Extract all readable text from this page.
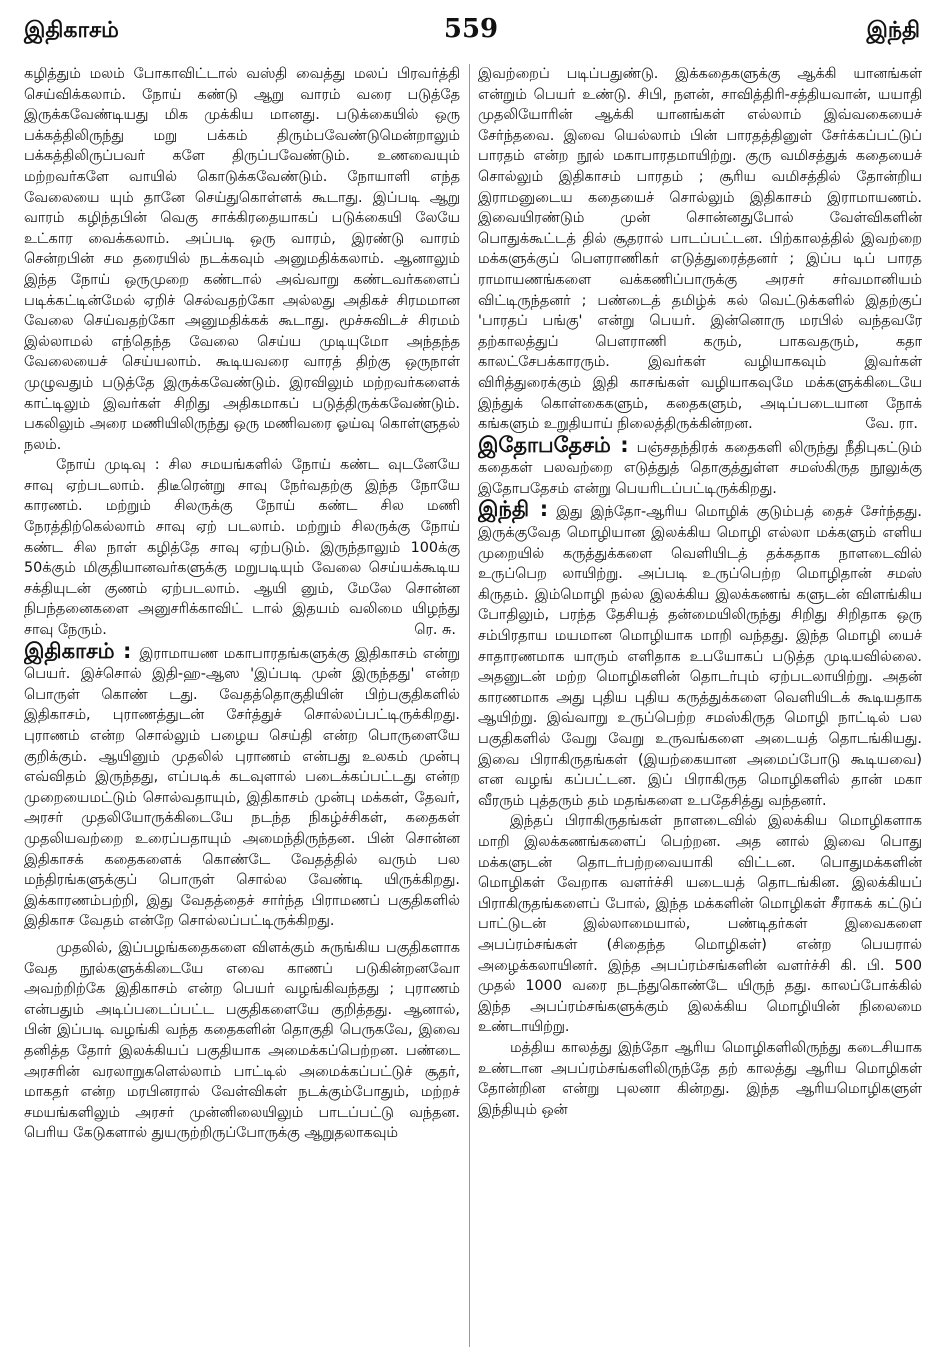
இதிகாசம்	559	இந்தி

கழித்தும் மலம் போகாவிட்டால் வஸ்தி வைத்து மலப் பிரவர்த்தி செய்விக்கலாம். நோய் கண்டு ஆறு வாரம் வரை படுத்தே இருக்கவேண்டியது மிக முக்கிய மானது. படுக்கையில் ஒரு பக்கத்திலிருந்து மறு பக்கம் திரும்பவேண்டுமென்றாலும் பக்கத்திலிருப்பவர் களே திருப்பவேண்டும். உணவையும் மற்றவர்களே வாயில் கொடுக்கவேண்டும். நோயாளி எந்த வேலையை யும் தானே செய்துகொள்ளக் கூடாது. இப்படி ஆறு வாரம் கழிந்தபின் வெகு சாக்கிரதையாகப் படுக்கையி லேயே உட்கார வைக்கலாம். அப்படி ஒரு வாரம், இரண்டு வாரம் சென்றபின் சம தரையில் நடக்கவும் அனுமதிக்கலாம். ஆனாலும் இந்த நோய் ஒருமுறை கண்டால் அவ்வாறு கண்டவர்களைப் படிக்கட்டின்மேல் ஏறிச் செல்வதற்கோ அல்லது அதிகச் சிரமமான வேலை செய்வதற்கோ அனுமதிக்கக் கூடாது. மூச்சுவிடச் சிரமம் இல்லாமல் எந்தெந்த வேலை செய்ய முடியுமோ அந்தந்த வேலையைச் செய்யலாம். கூடியவரை வாரத் திற்கு ஒருநாள் முழுவதும் படுத்தே இருக்கவேண்டும். இரவிலும் மற்றவர்களைக் காட்டிலும் இவர்கள் சிறிது அதிகமாகப் படுத்திருக்கவேண்டும். பகலிலும் அரை மணியிலிருந்து ஒரு மணிவரை ஓய்வு கொள்ளுதல் நலம்.

நோய் முடிவு : சில சமயங்களில் நோய் கண்ட வுடனேயே சாவு ஏற்படலாம். திடீரென்று சாவு நேர்வதற்கு இந்த நோயே காரணம். மற்றும் சிலருக்கு நோய் கண்ட சில மணி நேரத்திற்கெல்லாம் சாவு ஏற் படலாம். மற்றும் சிலருக்கு நோய் கண்ட சில நாள் கழித்தே சாவு ஏற்படும். இருந்தாலும் 100க்கு 50க்கும் மிகுதியானவர்களுக்கு மறுபடியும் வேலை செய்யக்கூடிய சக்தியுடன் குணம் ஏற்படலாம். ஆயி னும், மேலே சொன்ன நிபந்தனைகளை அனுசரிக்காவிட் டால் இதயம் வலிமை யிழந்து சாவு நேரும்.	ரெ. சு.

இதிகாசம் : இராமாயண மகாபாரதங்களுக்கு இதிகாசம் என்று பெயர். இச்சொல் இதி-ஹ-ஆஸ 'இப்படி முன் இருந்தது' என்ற பொருள் கொண் டது. வேதத்தொகுதியின் பிற்பகுதிகளில் இதிகாசம், புராணத்துடன் சேர்த்துச் சொல்லப்பட்டிருக்கிறது. புராணம் என்ற சொல்லும் பழைய செய்தி என்ற பொருளையே குறிக்கும். ஆயினும் முதலில் புராணம் என்பது உலகம் முன்பு எவ்விதம் இருந்தது, எப்படிக் கடவுளால் படைக்கப்பட்டது என்ற முறையைமட்டும் சொல்வதாயும், இதிகாசம் முன்பு மக்கள், தேவர், அரசர் முதலியோருக்கிடையே நடந்த நிகழ்ச்சிகள், கதைகள் முதலியவற்றை உரைப்பதாயும் அமைந்திருந்தன. பின் சொன்ன இதிகாசக் கதைகளைக் கொண்டே வேதத்தில் வரும் பல மந்திரங்களுக்குப் பொருள் சொல்ல வேண்டி யிருக்கிறது. இக்காரணம்பற்றி, இது வேதத்தைச் சார்ந்த பிராமணப் பகுதிகளில் இதிகாச வேதம் என்றே சொல்லப்பட்டிருக்கிறது.

முதலில், இப்பழங்கதைகளை விளக்கும் சுருங்கிய பகுதிகளாக வேத நூல்களுக்கிடையே எவை காணப் படுகின்றனவோ அவற்றிற்கே இதிகாசம் என்ற பெயர் வழங்கிவந்தது ; புராணம் என்பதும் அடிப்படைப்பட்ட பகுதிகளையே குறித்தது. ஆனால், பின் இப்படி வழங்கி வந்த கதைகளின் தொகுதி பெருகவே, இவை தனித்த தோர் இலக்கியப் பகுதியாக அமைக்கப்பெற்றன. பண்டை அரசரின் வரலாறுகளெல்லாம் பாட்டில் அமைக்கப்பட்டுச் சூதர், மாகதர் என்ற மரபினரால் வேள்விகள் நடக்கும்போதும், மற்றச் சமயங்களிலும் அரசர் முன்னிலையிலும் பாடப்பட்டு வந்தன. பெரிய கேடுகளால் துயருற்றிருப்போருக்கு ஆறுதலாகவும்

இவற்றைப் படிப்பதுண்டு. இக்கதைகளுக்கு ஆக்கி யானங்கள் என்றும் பெயர் உண்டு. சிபி, நளன், சாவித்திரி-சத்தியவான், யயாதி முதலியோரின் ஆக்கி யானங்கள் எல்லாம் இவ்வகையைச் சேர்ந்தவை. இவை யெல்லாம் பின் பாரதத்தினுள் சேர்க்கப்பட்டுப் பாரதம் என்ற நூல் மகாபாரதமாயிற்று. குரு வமிசத்துக் கதையைச் சொல்லும் இதிகாசம் பாரதம் ; சூரிய வமிசத்தில் தோன்றிய இராமனுடைய கதையைச் சொல்லும் இதிகாசம் இராமாயணம். இவையிரண்டும் முன் சொன்னதுபோல் வேள்விகளின் பொதுக்கூட்டத் தில் சூதரால் பாடப்பட்டன. பிற்காலத்தில் இவற்றை மக்களுக்குப் பௌராணிகர் எடுத்துரைத்தனர் ; இப்ப டிப் பாரத ராமாயணங்களை வக்கணிப்பாருக்கு அரசர் சர்வமானியம் விட்டிருந்தனர் ; பண்டைத் தமிழ்க் கல் வெட்டுக்களில் இதற்குப் 'பாரதப் பங்கு' என்று பெயர். இன்னொரு மரபில் வந்தவரே தற்காலத்துப் பௌராணி கரும், பாகவதரும், கதா காலட்சேபக்காரரும். இவர்கள் வழியாகவும் இவர்கள் விரித்துரைக்கும் இதி காசங்கள் வழியாகவுமே மக்களுக்கிடையே இந்துக் கொள்கைகளும், கதைகளும், அடிப்படையான நோக் கங்களும் உறுதியாய் நிலைத்திருக்கின்றன.	வே. ரா.

இதோபதேசம் : பஞ்சதந்திரக் கதைகளி லிருந்து நீதிபுகட்டும் கதைகள் பலவற்றை எடுத்துத் தொகுத்துள்ள சமஸ்கிருத நூலுக்கு இதோபதேசம் என்று பெயரிடப்பட்டிருக்கிறது.

இந்தி : இது இந்தோ-ஆரிய மொழிக் குடும்பத் தைச் சேர்ந்தது. இருக்குவேத மொழியான இலக்கிய மொழி எல்லா மக்களும் எளிய முறையில் கருத்துக்களை வெளியிடத் தக்கதாக நாளடைவில் உருப்பெற லாயிற்று. அப்படி உருப்பெற்ற மொழிதான் சமஸ் கிருதம். இம்மொழி நல்ல இலக்கிய இலக்கணங் களுடன் விளங்கிய போதிலும், பரந்த தேசியத் தன்மையிலிருந்து சிறிது சிறிதாக ஒரு சம்பிரதாய மயமான மொழியாக மாறி வந்தது. இந்த மொழி யைச் சாதாரணமாக யாரும் எளிதாக உபயோகப் படுத்த முடியவில்லை. அதனுடன் மற்ற மொழிகளின் தொடர்பும் ஏற்படலாயிற்று. அதன் காரணமாக அது புதிய புதிய கருத்துக்களை வெளியிடக் கூடியதாக ஆயிற்று. இவ்வாறு உருப்பெற்ற சமஸ்கிருத மொழி நாட்டில் பல பகுதிகளில் வேறு வேறு உருவங்களை அடையத் தொடங்கியது. இவை பிராகிருதங்கள் (இயற்கையான அமைப்போடு கூடியவை) என வழங் கப்பட்டன. இப் பிராகிருத மொழிகளில் தான் மகா வீரரும் புத்தரும் தம் மதங்களை உபதேசித்து வந்தனர்.

இந்தப் பிராகிருதங்கள் நாளடைவில் இலக்கிய மொழிகளாக மாறி இலக்கணங்களைப் பெற்றன. அத னால் இவை பொது மக்களுடன் தொடர்பற்றவையாகி விட்டன. பொதுமக்களின் மொழிகள் வேறாக வளர்ச்சி யடையத் தொடங்கின. இலக்கியப் பிராகிருதங்களைப் போல், இந்த மக்களின் மொழிகள் சீராகக் கட்டுப் பாட்டுடன் இல்லாமையால், பண்டிதர்கள் இவைகளை அபப்ரம்சங்கள் (சிதைந்த மொழிகள்) என்ற பெயரால் அழைக்கலாயினர். இந்த அபப்ரம்சங்களின் வளர்ச்சி கி. பி. 500 முதல் 1000 வரை நடந்துகொண்டே யிருந் தது. காலப்போக்கில் இந்த அபப்ரம்சங்களுக்கும் இலக்கிய மொழியின் நிலைமை உண்டாயிற்று.

மத்திய காலத்து இந்தோ ஆரிய மொழிகளிலிருந்து கடைசியாக உண்டான அபப்ரம்சங்களிலிருந்தே தற் காலத்து ஆரிய மொழிகள் தோன்றின என்று புலனா கின்றது. இந்த ஆரியமொழிகளுள் இந்தியும் ஒன்
